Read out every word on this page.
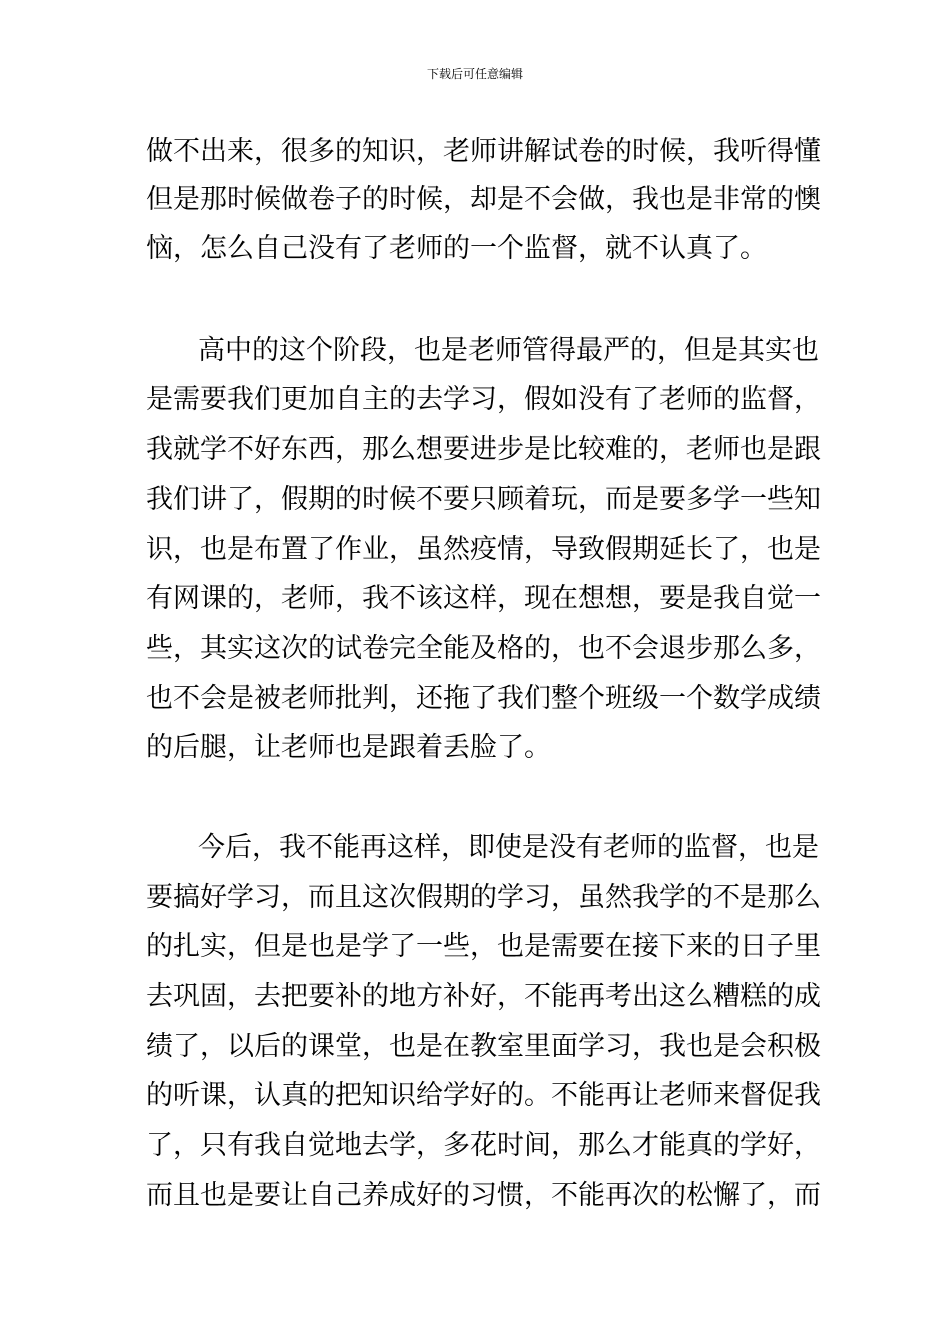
下载后可任意编辑
做不出来，很多的知识，老师讲解试卷的时候，我听得懂
但是那时候做卷子的时候，却是不会做，我也是非常的懊
恼，怎么自己没有了老师的一个监督，就不认真了。
高中的这个阶段，也是老师管得最严的，但是其实也
是需要我们更加自主的去学习，假如没有了老师的监督，
我就学不好东西，那么想要进步是比较难的，老师也是跟
我们讲了，假期的时候不要只顾着玩，而是要多学一些知
识，也是布置了作业，虽然疫情，导致假期延长了，也是
有网课的，老师，我不该这样，现在想想，要是我自觉一
些，其实这次的试卷完全能及格的，也不会退步那么多，
也不会是被老师批判，还拖了我们整个班级一个数学成绩
的后腿，让老师也是跟着丢脸了。
今后，我不能再这样，即使是没有老师的监督，也是
要搞好学习，而且这次假期的学习，虽然我学的不是那么
的扎实，但是也是学了一些，也是需要在接下来的日子里
去巩固，去把要补的地方补好，不能再考出这么糟糕的成
绩了，以后的课堂，也是在教室里面学习，我也是会积极
的听课，认真的把知识给学好的。不能再让老师来督促我
了，只有我自觉地去学，多花时间，那么才能真的学好，
而且也是要让自己养成好的习惯，不能再次的松懈了，而
